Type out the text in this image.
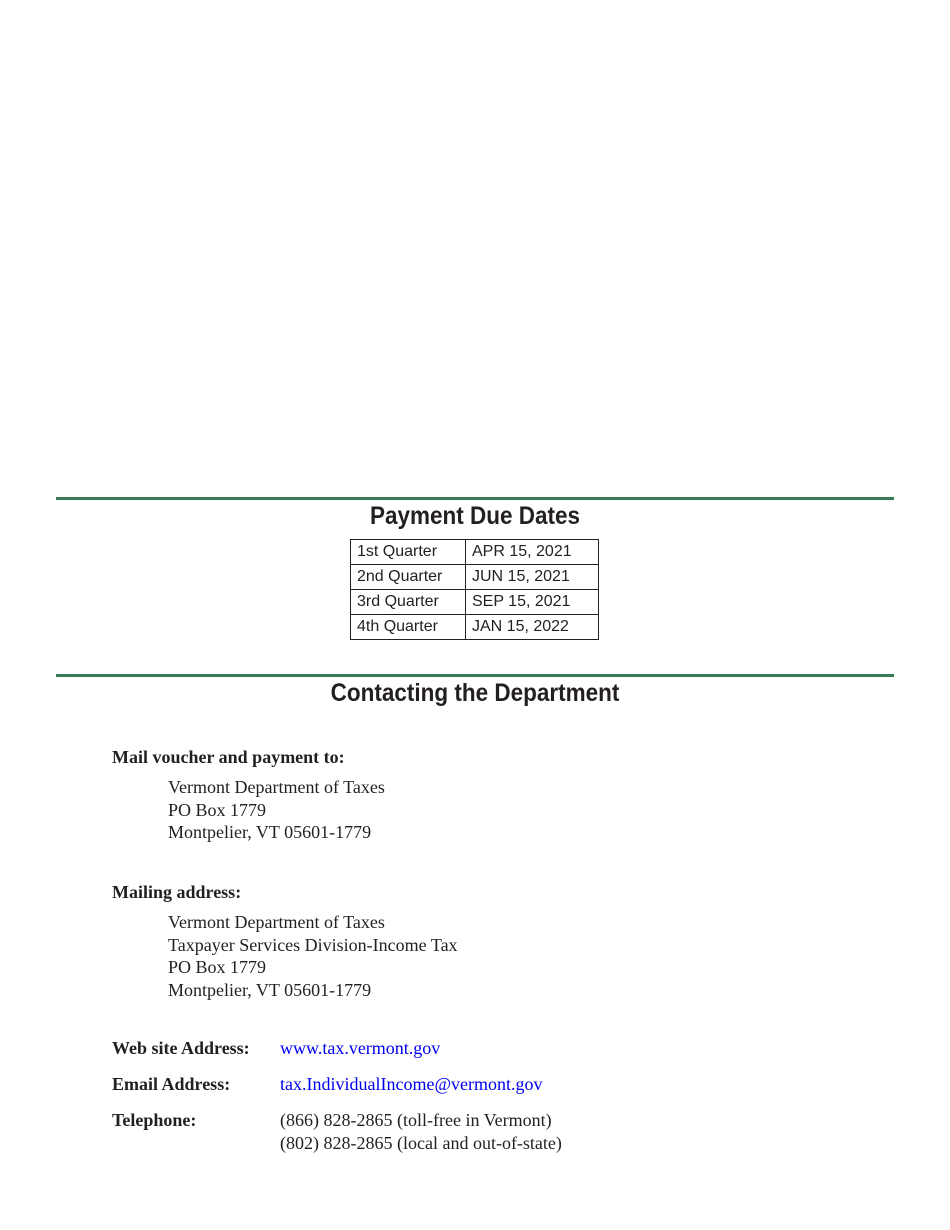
Payment Due Dates
1st Quarter	APR 15, 2021
2nd Quarter	JUN 15, 2021
3rd Quarter	SEP 15, 2021
4th Quarter	JAN 15, 2022
Contacting the Department
Mail voucher and payment to:
Vermont Department of Taxes
PO Box 1779
Montpelier, VT 05601-1779
Mailing address:
Vermont Department of Taxes
Taxpayer Services Division-Income Tax
PO Box 1779
Montpelier, VT 05601-1779
Web site Address: www.tax.vermont.gov
Email Address:	tax.IndividualIncome@vermont.gov
Telephone:	(866) 828-2865 (toll-free in Vermont)
(802) 828-2865 (local and out-of-state)
